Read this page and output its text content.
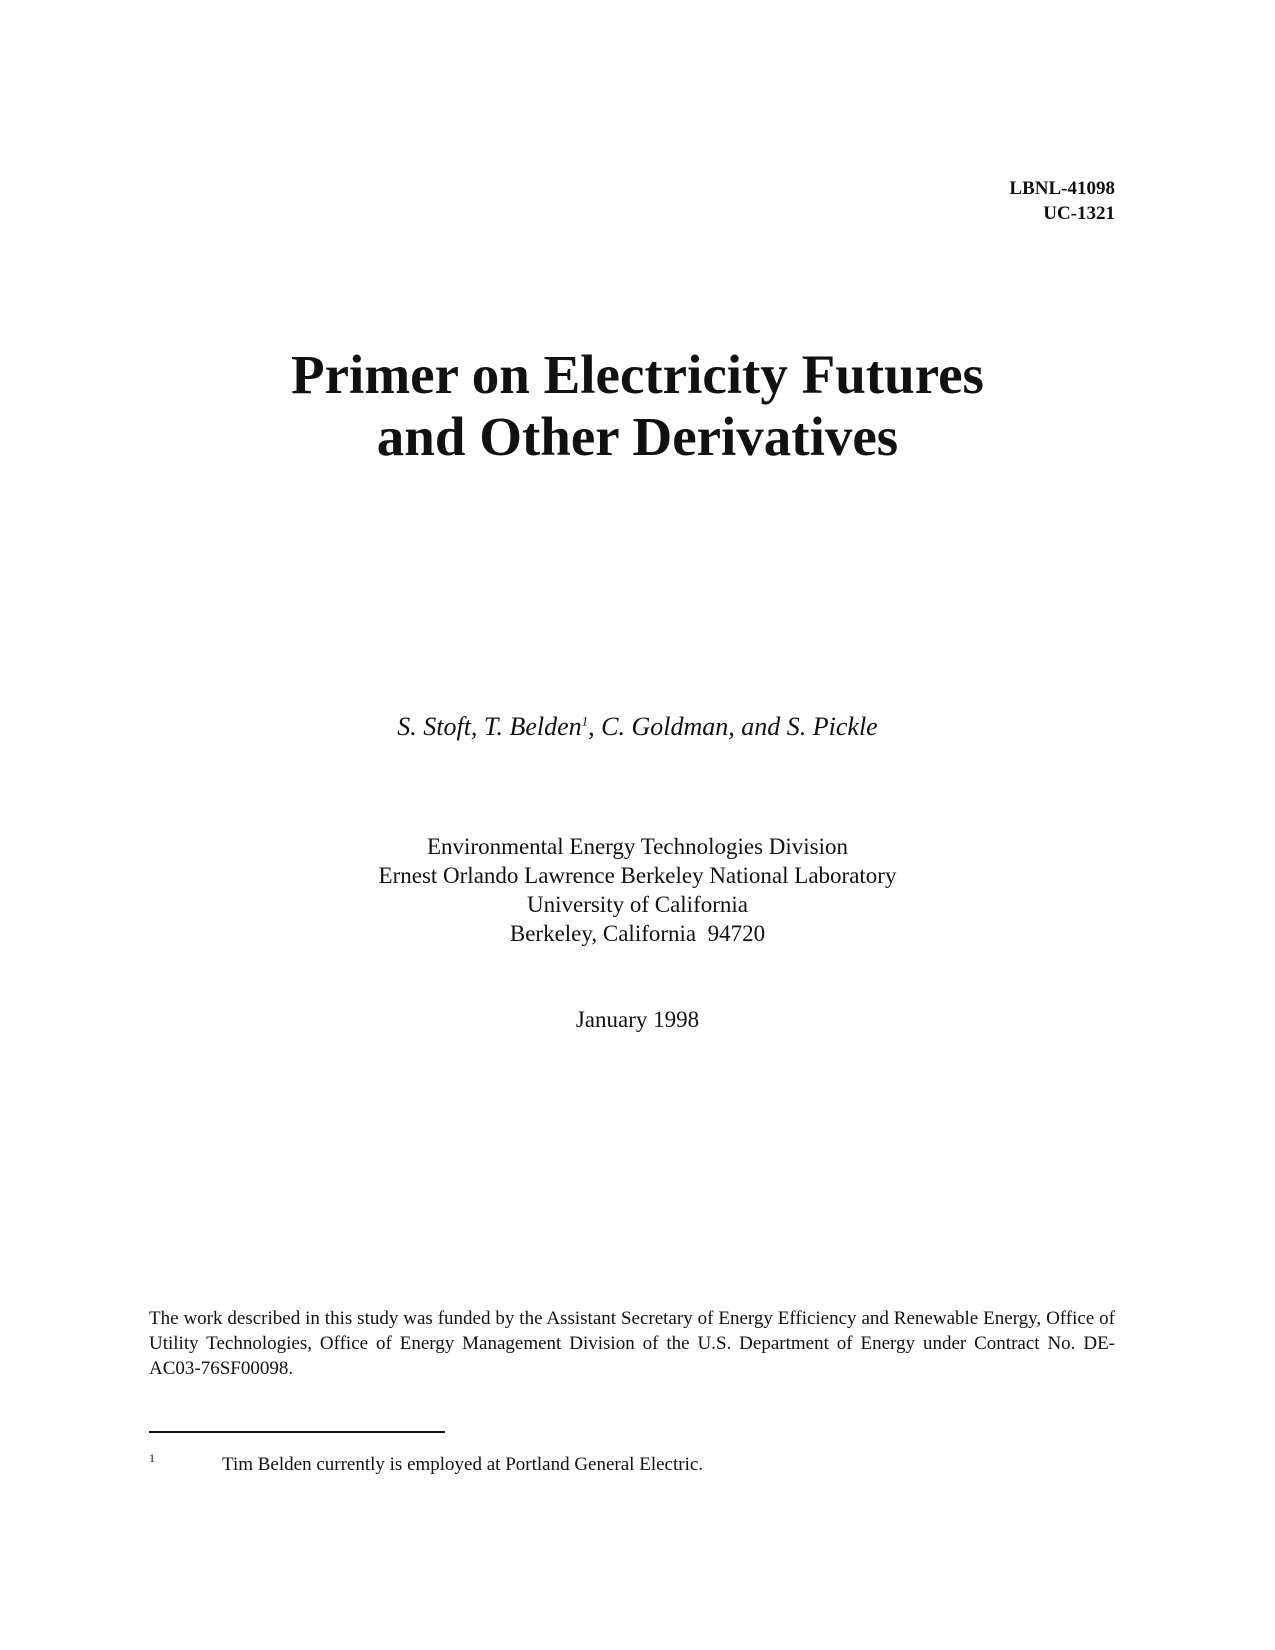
LBNL-41098
UC-1321
Primer on Electricity Futures
and Other Derivatives
S. Stoft, T. Belden$^1$, C. Goldman, and S. Pickle
Environmental Energy Technologies Division
Ernest Orlando Lawrence Berkeley National Laboratory
University of California
Berkeley, California  94720
January 1998
The work described in this study was funded by the Assistant Secretary of Energy Efficiency and Renewable Energy, Office of Utility Technologies, Office of Energy Management Division of the U.S. Department of Energy under Contract No. DE-AC03-76SF00098.
1	Tim Belden currently is employed at Portland General Electric.
